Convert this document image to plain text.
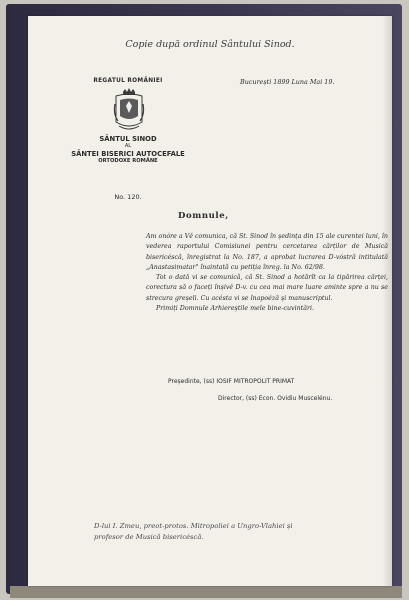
Copie după ordinul Sântului Sinod.
REGATUL ROMÂNIEI	București 1899 Luna Mai 19.
SÂNTUL SINOD
AL
SÂNTEI BISERICI AUTOCEFALE
ORTODOXE ROMÂNE
No. 120.
Domnule,

Am onóre a Vĕ comunica, că St. Sinod în ședința din 15 ale curentei luni, în vederea raportului Comisiunei pentru cercetarea cărților de Musică bisericéscă, înregistrat la No. 187, a aprobat lucrarea D-vóstră intitulată „Anastasimatar" înaintată cu petiția înreg. la No. 62/98.

Tot o dată vi se comunică, că St. Sinod a hotărît ca la tipărirea cărței, corectura să o faceți înșivĕ D-v. cu cea mai mare luare aminte spre a nu se strecura greșeli. Cu acésta vi se înapoéză și manuscriptul.

Primiți Domnule Arhiereștile mele bine-cuvintări.

Președinte, (ss) IOSIF MITROPOLIT PRIMAT
Director, (ss) Econ. Ovidiu Muscelénu.
D-lui I. Zmeu, preot-protos. Mitropoliei a Ungro-Vlahiei și
profesor de Musică bisericéscă.
